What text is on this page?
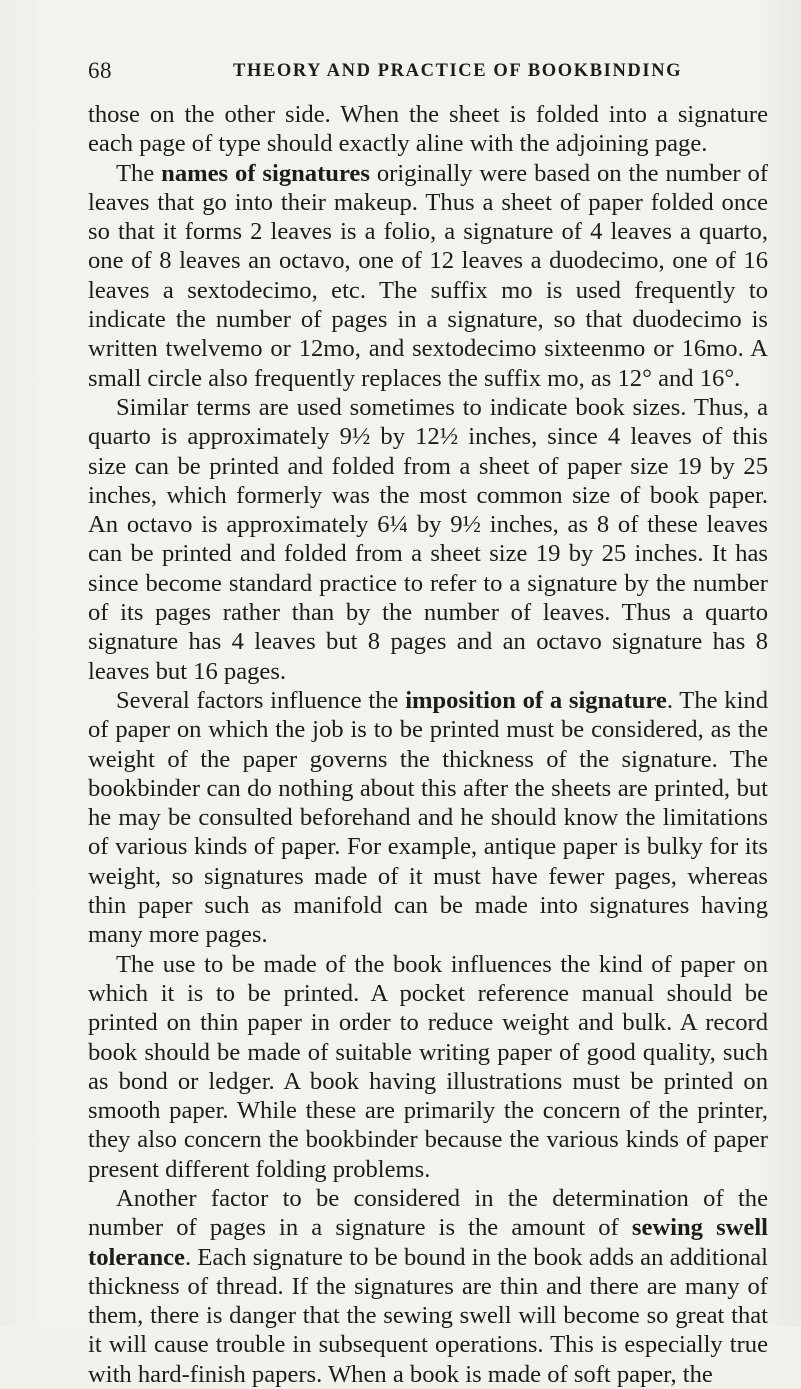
68	THEORY AND PRACTICE OF BOOKBINDING

those on the other side. When the sheet is folded into a signature each page of type should exactly aline with the adjoining page.

The names of signatures originally were based on the number of leaves that go into their makeup. Thus a sheet of paper folded once so that it forms 2 leaves is a folio, a signature of 4 leaves a quarto, one of 8 leaves an octavo, one of 12 leaves a duodecimo, one of 16 leaves a sextodecimo, etc. The suffix mo is used frequently to indicate the number of pages in a signature, so that duodecimo is written twelvemo or 12mo, and sextodecimo sixteenmo or 16mo. A small circle also frequently replaces the suffix mo, as 12° and 16°.

Similar terms are used sometimes to indicate book sizes. Thus, a quarto is approximately 9½ by 12½ inches, since 4 leaves of this size can be printed and folded from a sheet of paper size 19 by 25 inches, which formerly was the most common size of book paper. An octavo is approximately 6¼ by 9½ inches, as 8 of these leaves can be printed and folded from a sheet size 19 by 25 inches. It has since become standard practice to refer to a signature by the number of its pages rather than by the number of leaves. Thus a quarto signature has 4 leaves but 8 pages and an octavo signature has 8 leaves but 16 pages.

Several factors influence the imposition of a signature. The kind of paper on which the job is to be printed must be considered, as the weight of the paper governs the thickness of the signature. The bookbinder can do nothing about this after the sheets are printed, but he may be consulted beforehand and he should know the limitations of various kinds of paper. For example, antique paper is bulky for its weight, so signatures made of it must have fewer pages, whereas thin paper such as manifold can be made into signatures having many more pages.

The use to be made of the book influences the kind of paper on which it is to be printed. A pocket reference manual should be printed on thin paper in order to reduce weight and bulk. A record book should be made of suitable writing paper of good quality, such as bond or ledger. A book having illustrations must be printed on smooth paper. While these are primarily the concern of the printer, they also concern the bookbinder because the various kinds of paper present different folding problems.

Another factor to be considered in the determination of the number of pages in a signature is the amount of sewing swell tolerance. Each signature to be bound in the book adds an additional thickness of thread. If the signatures are thin and there are many of them, there is danger that the sewing swell will become so great that it will cause trouble in subsequent operations. This is especially true with hard-finish papers. When a book is made of soft paper, the
